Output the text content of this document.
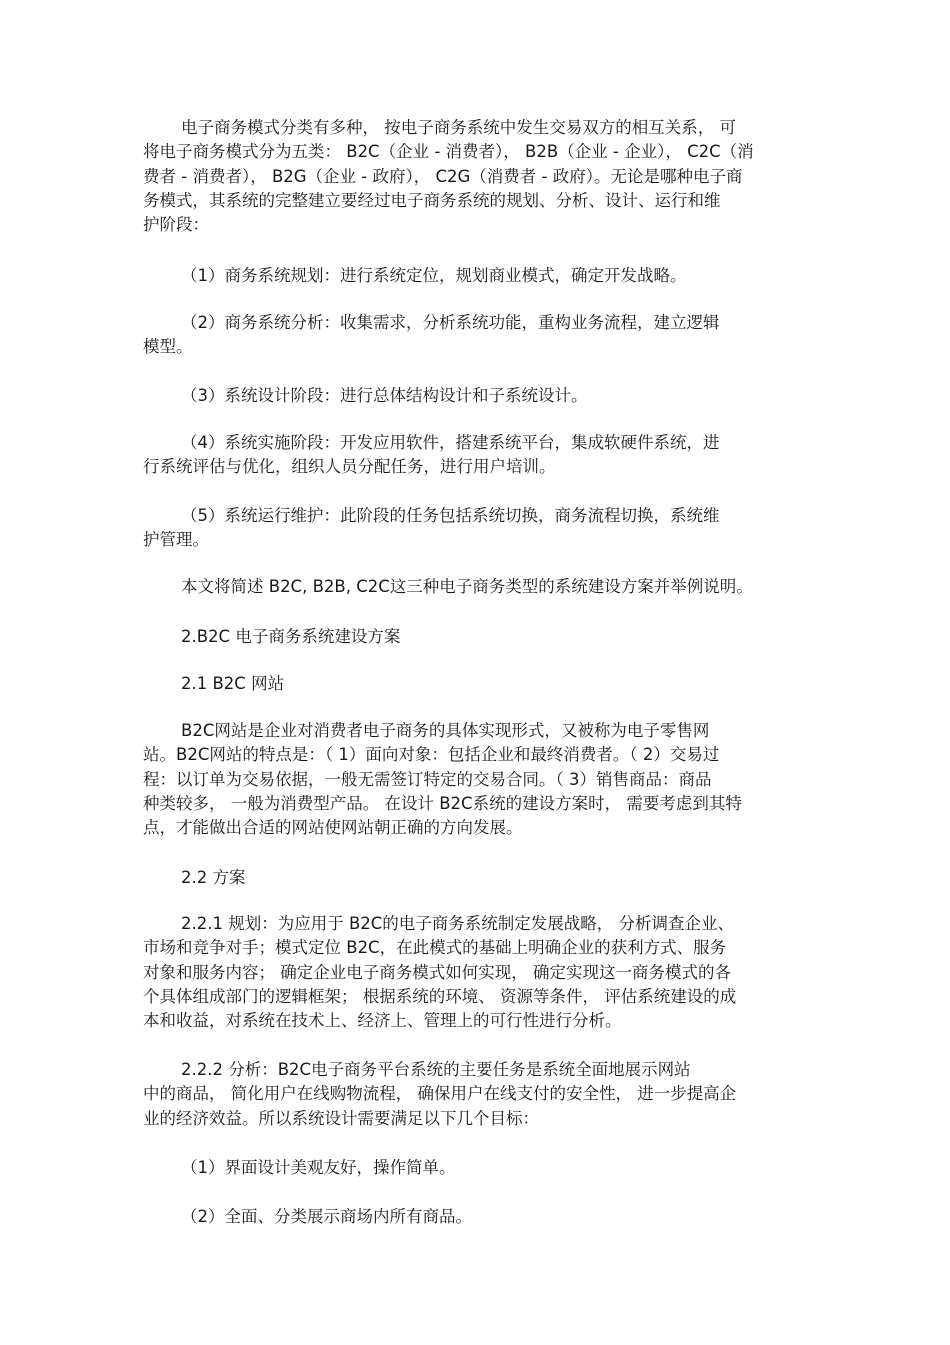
电子商务模式分类有多种， 按电子商务系统中发生交易双方的相互关系， 可
将电子商务模式分为五类： B2C（企业 - 消费者）， B2B（企业 - 企业）， C2C（消
费者 - 消费者）， B2G（企业 - 政府）， C2G（消费者 - 政府）。无论是哪种电子商
务模式，其系统的完整建立要经过电子商务系统的规划、分析、设计、运行和维
护阶段：

（1）商务系统规划：进行系统定位，规划商业模式，确定开发战略。

（2）商务系统分析：收集需求，分析系统功能，重构业务流程，建立逻辑
模型。

（3）系统设计阶段：进行总体结构设计和子系统设计。

（4）系统实施阶段：开发应用软件，搭建系统平台，集成软硬件系统，进
行系统评估与优化，组织人员分配任务，进行用户培训。

（5）系统运行维护：此阶段的任务包括系统切换，商务流程切换，系统维
护管理。

本文将简述 B2C, B2B, C2C这三种电子商务类型的系统建设方案并举例说明。

2.B2C 电子商务系统建设方案

2.1 B2C 网站

B2C网站是企业对消费者电子商务的具体实现形式，又被称为电子零售网
站。B2C网站的特点是：（ 1）面向对象：包括企业和最终消费者。（ 2）交易过
程：以订单为交易依据，一般无需签订特定的交易合同。（ 3）销售商品：商品
种类较多， 一般为消费型产品。 在设计 B2C系统的建设方案时， 需要考虑到其特
点，才能做出合适的网站使网站朝正确的方向发展。

2.2 方案

2.2.1 规划：为应用于 B2C的电子商务系统制定发展战略， 分析调查企业、
市场和竞争对手；模式定位 B2C，在此模式的基础上明确企业的获利方式、服务
对象和服务内容； 确定企业电子商务模式如何实现， 确定实现这一商务模式的各
个具体组成部门的逻辑框架； 根据系统的环境、 资源等条件， 评估系统建设的成
本和收益，对系统在技术上、经济上、管理上的可行性进行分析。

2.2.2 分析：B2C电子商务平台系统的主要任务是系统全面地展示网站
中的商品， 简化用户在线购物流程， 确保用户在线支付的安全性， 进一步提高企
业的经济效益。所以系统设计需要满足以下几个目标：

（1）界面设计美观友好，操作简单。

（2）全面、分类展示商场内所有商品。
